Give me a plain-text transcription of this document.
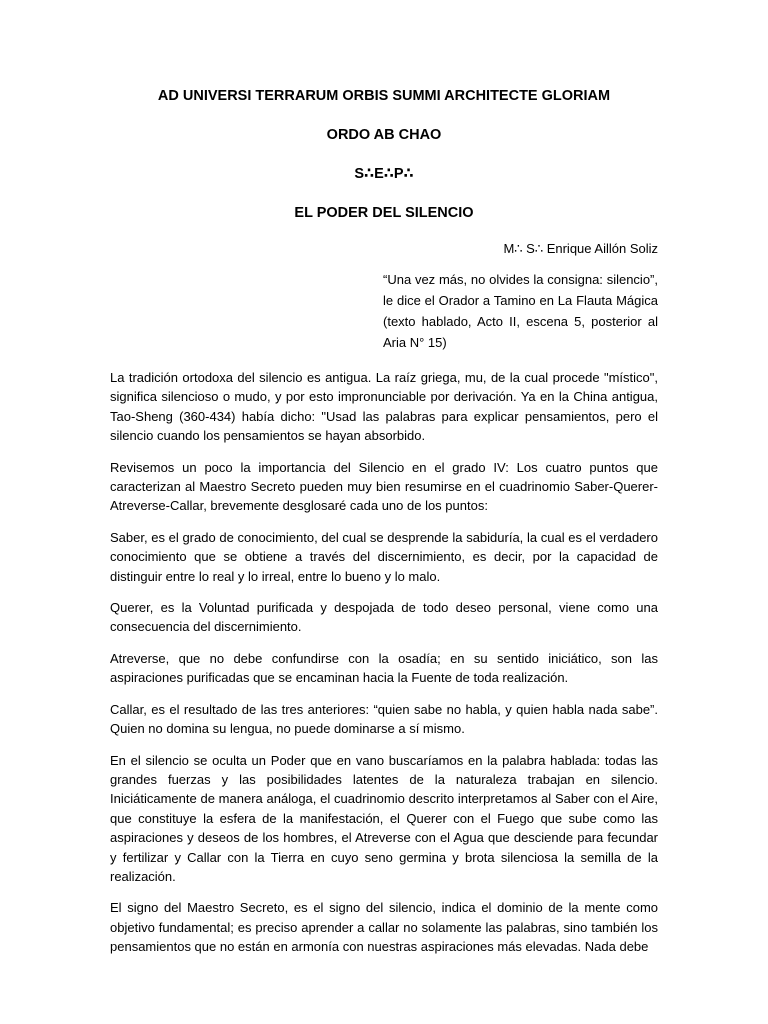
AD UNIVERSI TERRARUM ORBIS SUMMI ARCHITECTE GLORIAM

ORDO AB CHAO

S∴E∴P∴

EL PODER DEL SILENCIO

M∴ S∴ Enrique Aillón Soliz

“Una vez más, no olvides la consigna: silencio”, le dice el Orador a Tamino en La Flauta Mágica (texto hablado, Acto II, escena 5, posterior al Aria N° 15)

La tradición ortodoxa del silencio es antigua. La raíz griega, mu, de la cual procede "místico", significa silencioso o mudo, y por esto impronunciable por derivación. Ya en la China antigua, Tao-Sheng (360-434) había dicho: "Usad las palabras para explicar pensamientos, pero el silencio cuando los pensamientos se hayan absorbido.

Revisemos un poco la importancia del Silencio en el grado IV: Los cuatro puntos que caracterizan al Maestro Secreto pueden muy bien resumirse en el cuadrinomio Saber-Querer-Atreverse-Callar, brevemente desglosaré cada uno de los puntos:

Saber, es el grado de conocimiento, del cual se desprende la sabiduría, la cual es el verdadero conocimiento que se obtiene a través del discernimiento, es decir, por la capacidad de distinguir entre lo real y lo irreal, entre lo bueno y lo malo.

Querer, es la Voluntad purificada y despojada de todo deseo personal, viene como una consecuencia del discernimiento.

Atreverse, que no debe confundirse con la osadía; en su sentido iniciático, son las aspiraciones purificadas que se encaminan hacia la Fuente de toda realización.

Callar, es el resultado de las tres anteriores: “quien sabe no habla, y quien habla nada sabe”. Quien no domina su lengua, no puede dominarse a sí mismo.

En el silencio se oculta un Poder que en vano buscaríamos en la palabra hablada: todas las grandes fuerzas y las posibilidades latentes de la naturaleza trabajan en silencio. Iniciáticamente de manera análoga, el cuadrinomio descrito interpretamos al Saber con el Aire, que constituye la esfera de la manifestación, el Querer con el Fuego que sube como las aspiraciones y deseos de los hombres, el Atreverse con el Agua que desciende para fecundar y fertilizar y Callar con la Tierra en cuyo seno germina y brota silenciosa la semilla de la realización.

El signo del Maestro Secreto, es el signo del silencio, indica el dominio de la mente como objetivo fundamental; es preciso aprender a callar no solamente las palabras, sino también los pensamientos que no están en armonía con nuestras aspiraciones más elevadas. Nada debe
